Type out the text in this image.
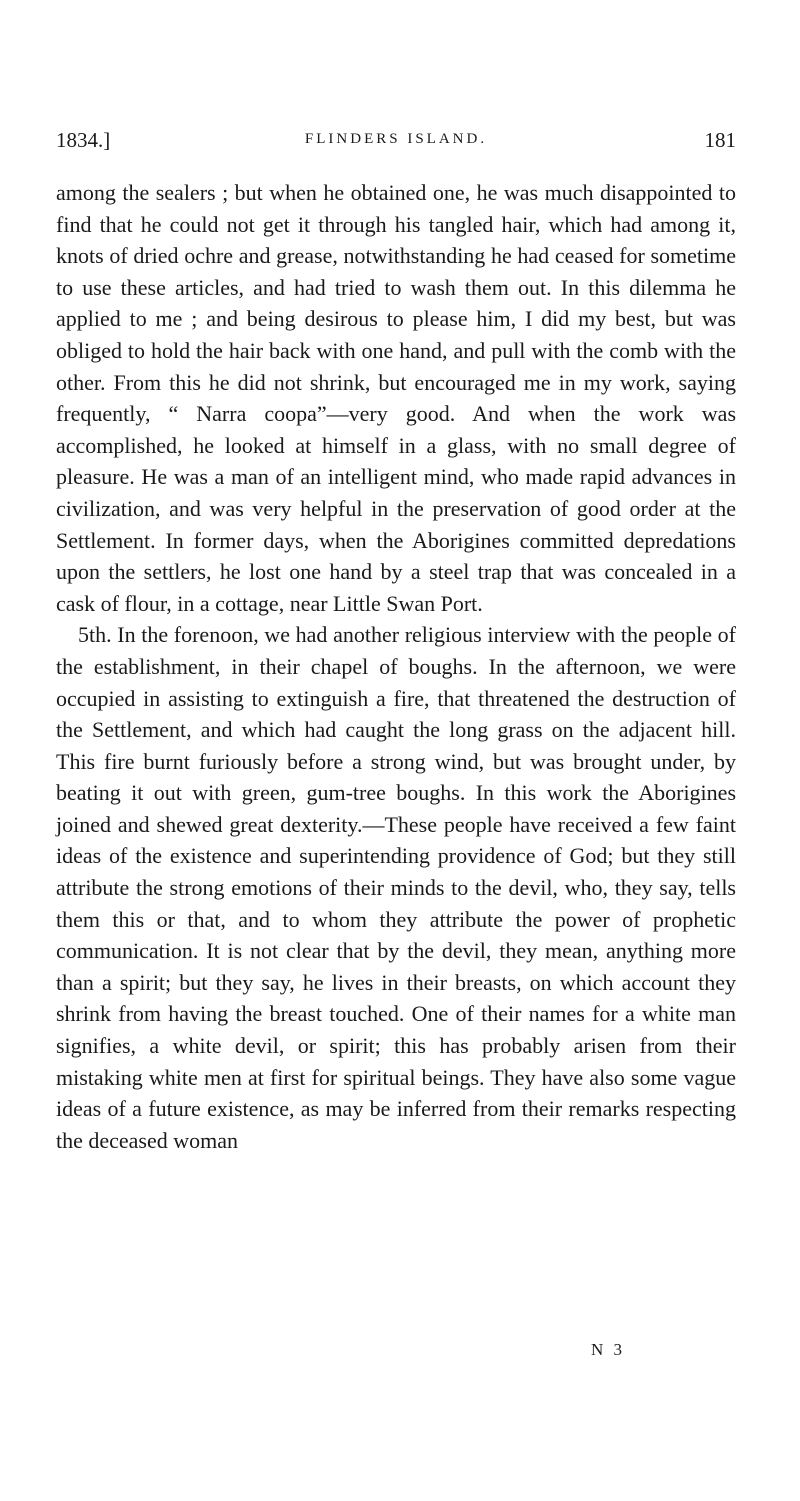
1834.]	FLINDERS ISLAND.	181

among the sealers ; but when he obtained one, he was much disappointed to find that he could not get it through his tangled hair, which had among it, knots of dried ochre and grease, notwithstanding he had ceased for sometime to use these articles, and had tried to wash them out. In this dilemma he applied to me ; and being desirous to please him, I did my best, but was obliged to hold the hair back with one hand, and pull with the comb with the other. From this he did not shrink, but encouraged me in my work, saying frequently, “ Narra coopa”—very good. And when the work was accomplished, he looked at himself in a glass, with no small degree of pleasure. He was a man of an intelligent mind, who made rapid advances in civilization, and was very helpful in the preservation of good order at the Settlement. In former days, when the Aborigines committed depredations upon the settlers, he lost one hand by a steel trap that was concealed in a cask of flour, in a cottage, near Little Swan Port.

5th. In the forenoon, we had another religious interview with the people of the establishment, in their chapel of boughs. In the afternoon, we were occupied in assisting to extinguish a fire, that threatened the destruction of the Settlement, and which had caught the long grass on the adjacent hill. This fire burnt furiously before a strong wind, but was brought under, by beating it out with green, gum-tree boughs. In this work the Aborigines joined and shewed great dexterity.—These people have received a few faint ideas of the existence and superintending providence of God; but they still attribute the strong emotions of their minds to the devil, who, they say, tells them this or that, and to whom they attribute the power of prophetic communication. It is not clear that by the devil, they mean, anything more than a spirit; but they say, he lives in their breasts, on which account they shrink from having the breast touched. One of their names for a white man signifies, a white devil, or spirit; this has probably arisen from their mistaking white men at first for spiritual beings. They have also some vague ideas of a future existence, as may be inferred from their remarks respecting the deceased woman

N 3
